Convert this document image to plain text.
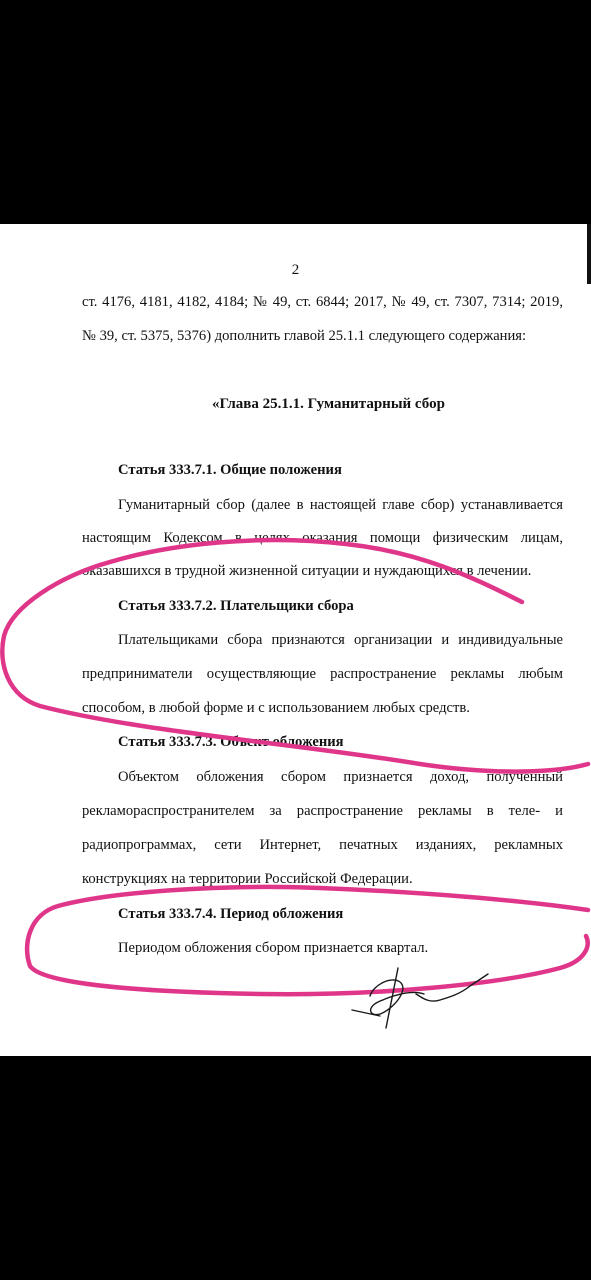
2
ст. 4176, 4181, 4182, 4184; № 49, ст. 6844; 2017, № 49, ст. 7307, 7314; 2019,
№ 39, ст. 5375, 5376) дополнить главой 25.1.1 следующего содержания:
«Глава 25.1.1. Гуманитарный сбор
Статья 333.7.1. Общие положения
Гуманитарный сбор (далее в настоящей главе сбор) устанавливается
настоящим Кодексом в целях оказания помощи физическим лицам,
оказавшихся в трудной жизненной ситуации и нуждающихся в лечении.
Статья 333.7.2. Плательщики сбора
Плательщиками сбора признаются организации и индивидуальные
предприниматели осуществляющие распространение рекламы любым
способом, в любой форме и с использованием любых средств.
Статья 333.7.3. Объект обложения
Объектом обложения сбором признается доход, полученный
рекламораспространителем за распространение рекламы в теле- и
радиопрограммах, сети Интернет, печатных изданиях, рекламных
конструкциях на территории Российской Федерации.
Статья 333.7.4. Период обложения
Периодом обложения сбором признается квартал.
